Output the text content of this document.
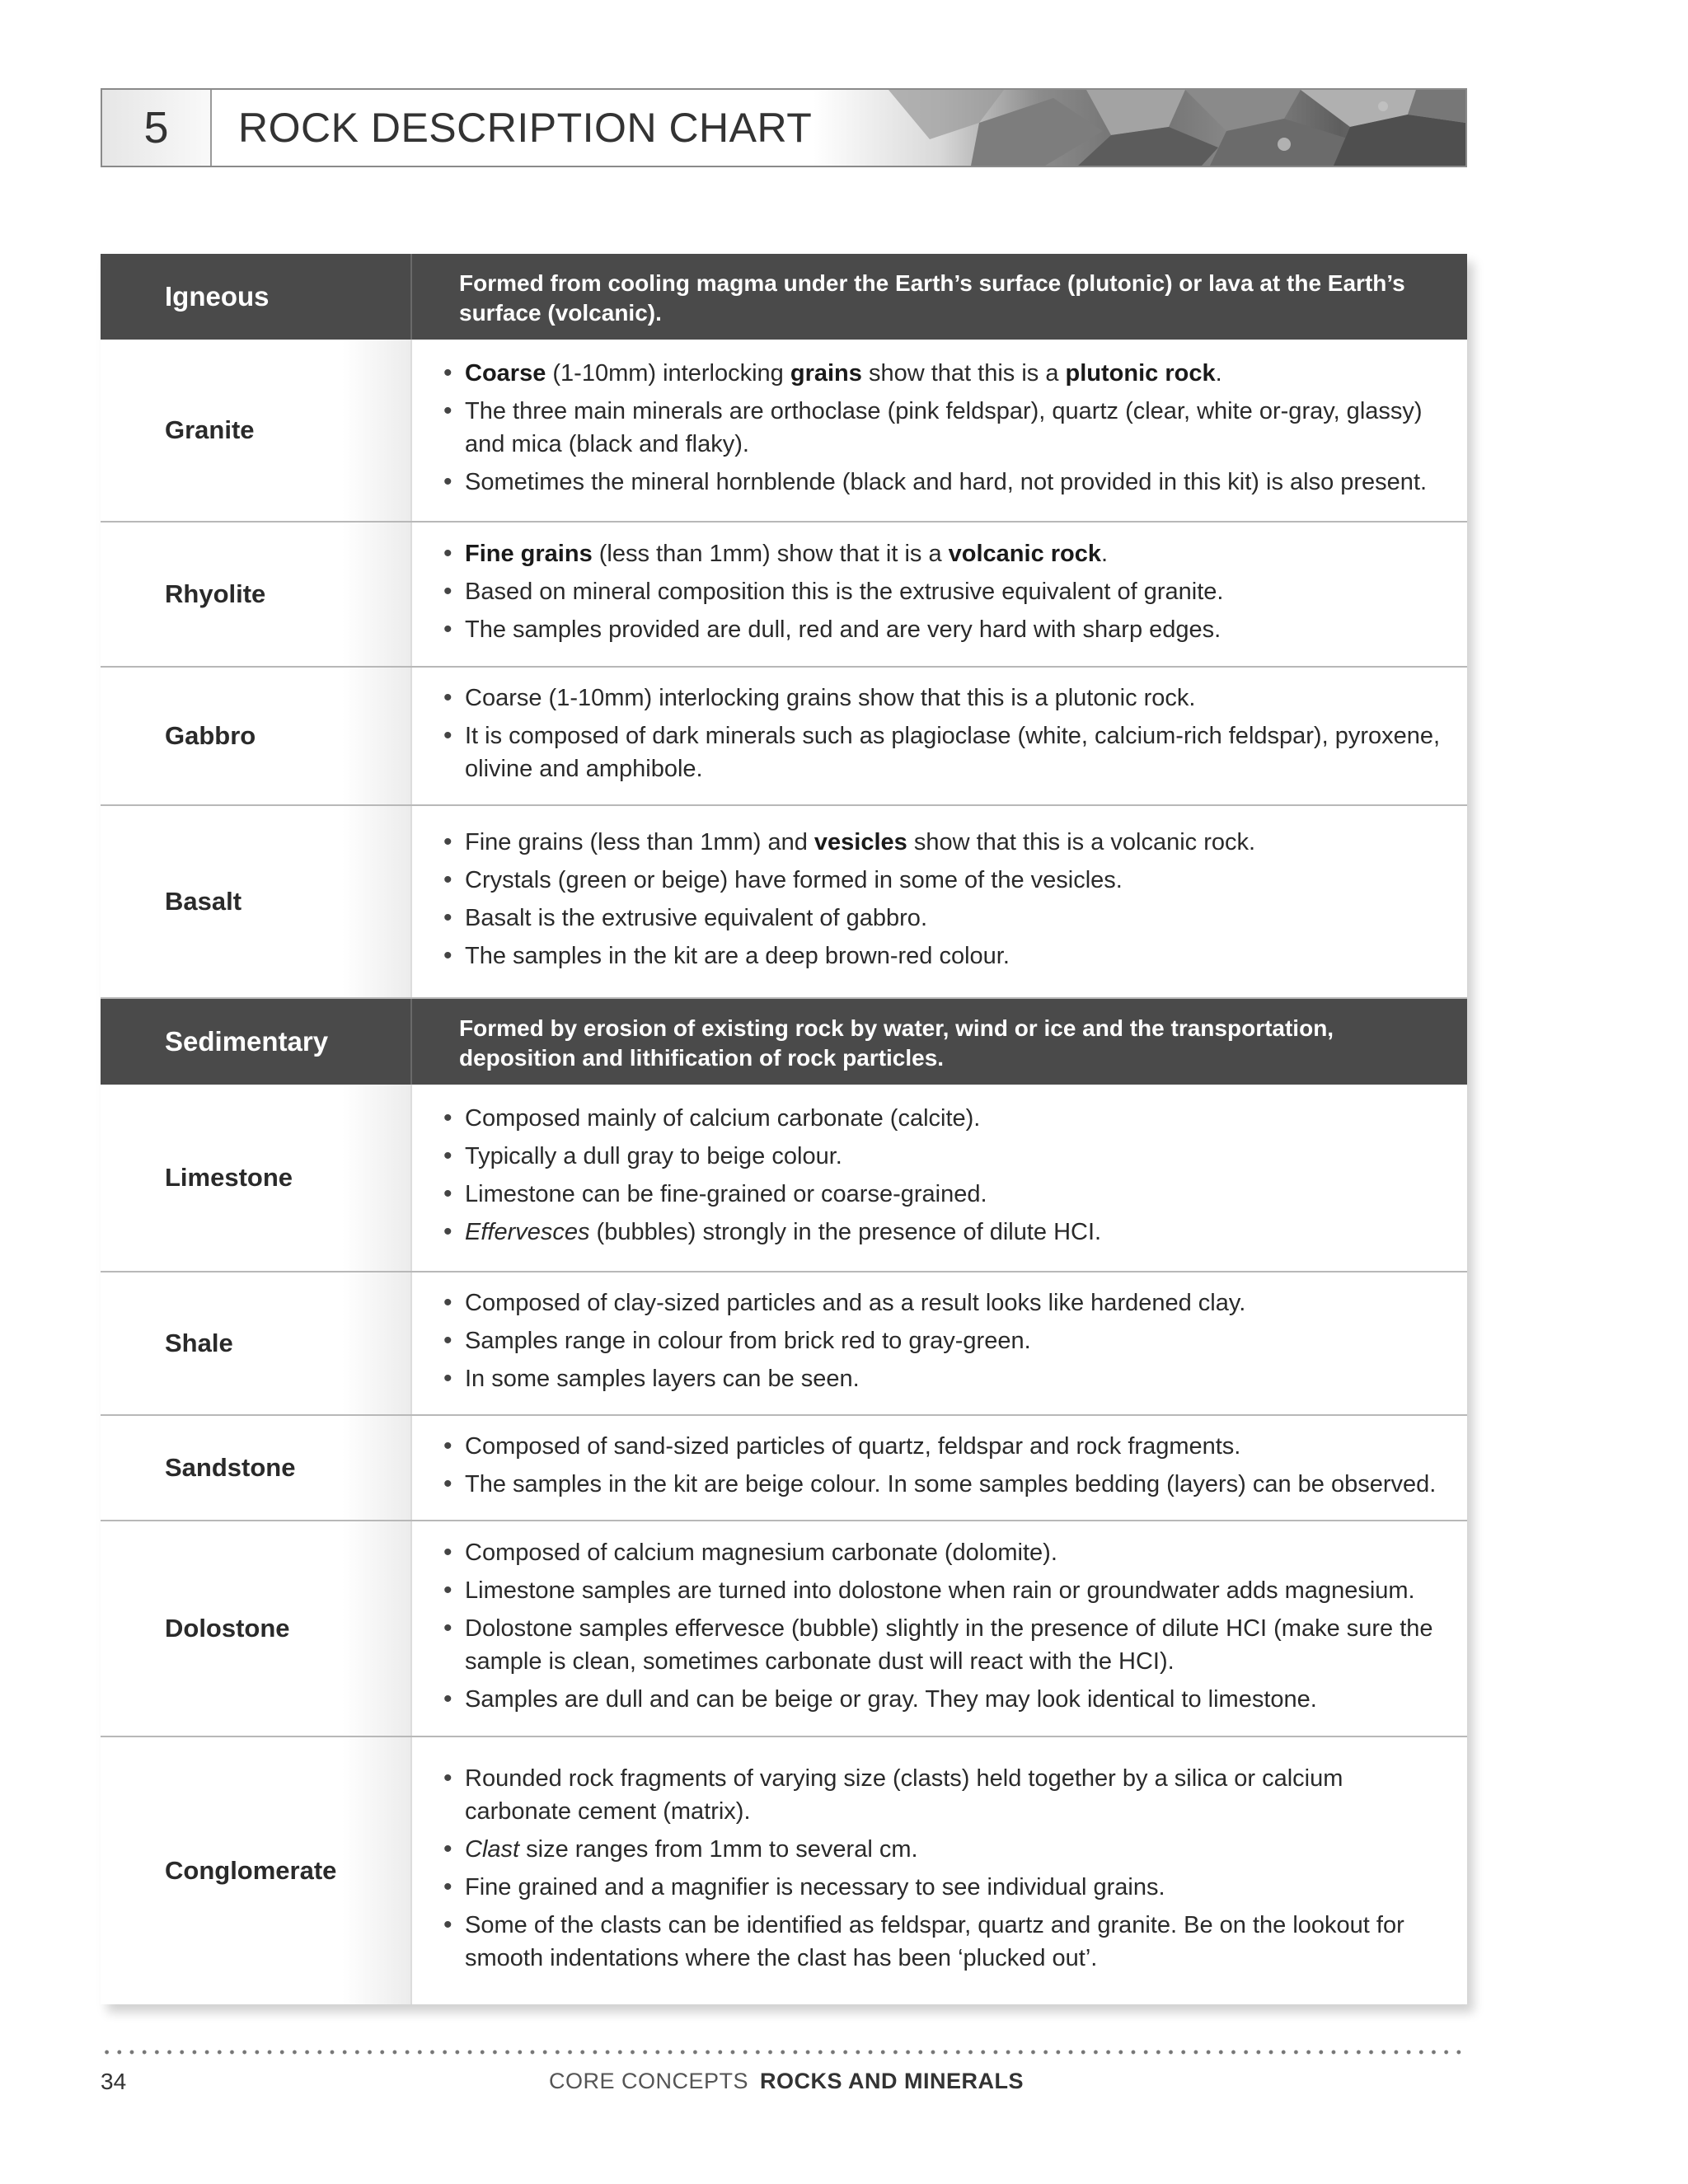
5	ROCK DESCRIPTION CHART
Igneous	Formed from cooling magma under the Earth’s surface (plutonic) or lava at the Earth’s surface (volcanic).
Granite
• Coarse (1-10mm) interlocking grains show that this is a plutonic rock.
• The three main minerals are orthoclase (pink feldspar), quartz (clear, white or-gray, glassy) and mica (black and flaky).
• Sometimes the mineral hornblende (black and hard, not provided in this kit) is also present.
Rhyolite
• Fine grains (less than 1mm) show that it is a volcanic rock.
• Based on mineral composition this is the extrusive equivalent of granite.
• The samples provided are dull, red and are very hard with sharp edges.
Gabbro
• Coarse (1-10mm) interlocking grains show that this is a plutonic rock.
• It is composed of dark minerals such as plagioclase (white, calcium-rich feldspar), pyroxene, olivine and amphibole.
Basalt
• Fine grains (less than 1mm) and vesicles show that this is a volcanic rock.
• Crystals (green or beige) have formed in some of the vesicles.
• Basalt is the extrusive equivalent of gabbro.
• The samples in the kit are a deep brown-red colour.
Sedimentary	Formed by erosion of existing rock by water, wind or ice and the transportation, deposition and lithification of rock particles.
Limestone
• Composed mainly of calcium carbonate (calcite).
• Typically a dull gray to beige colour.
• Limestone can be fine-grained or coarse-grained.
• Effervesces (bubbles) strongly in the presence of dilute HCI.
Shale
• Composed of clay-sized particles and as a result looks like hardened clay.
• Samples range in colour from brick red to gray-green.
• In some samples layers can be seen.
Sandstone
• Composed of sand-sized particles of quartz, feldspar and rock fragments.
• The samples in the kit are beige colour. In some samples bedding (layers) can be observed.
Dolostone
• Composed of calcium magnesium carbonate (dolomite).
• Limestone samples are turned into dolostone when rain or groundwater adds magnesium.
• Dolostone samples effervesce (bubble) slightly in the presence of dilute HCI (make sure the sample is clean, sometimes carbonate dust will react with the HCI).
• Samples are dull and can be beige or gray. They may look identical to limestone.
Conglomerate
• Rounded rock fragments of varying size (clasts) held together by a silica or calcium carbonate cement (matrix).
• Clast size ranges from 1mm to several cm.
• Fine grained and a magnifier is necessary to see individual grains.
• Some of the clasts can be identified as feldspar, quartz and granite. Be on the lookout for smooth indentations where the clast has been ‘plucked out’.
34	CORE CONCEPTS ROCKS AND MINERALS
